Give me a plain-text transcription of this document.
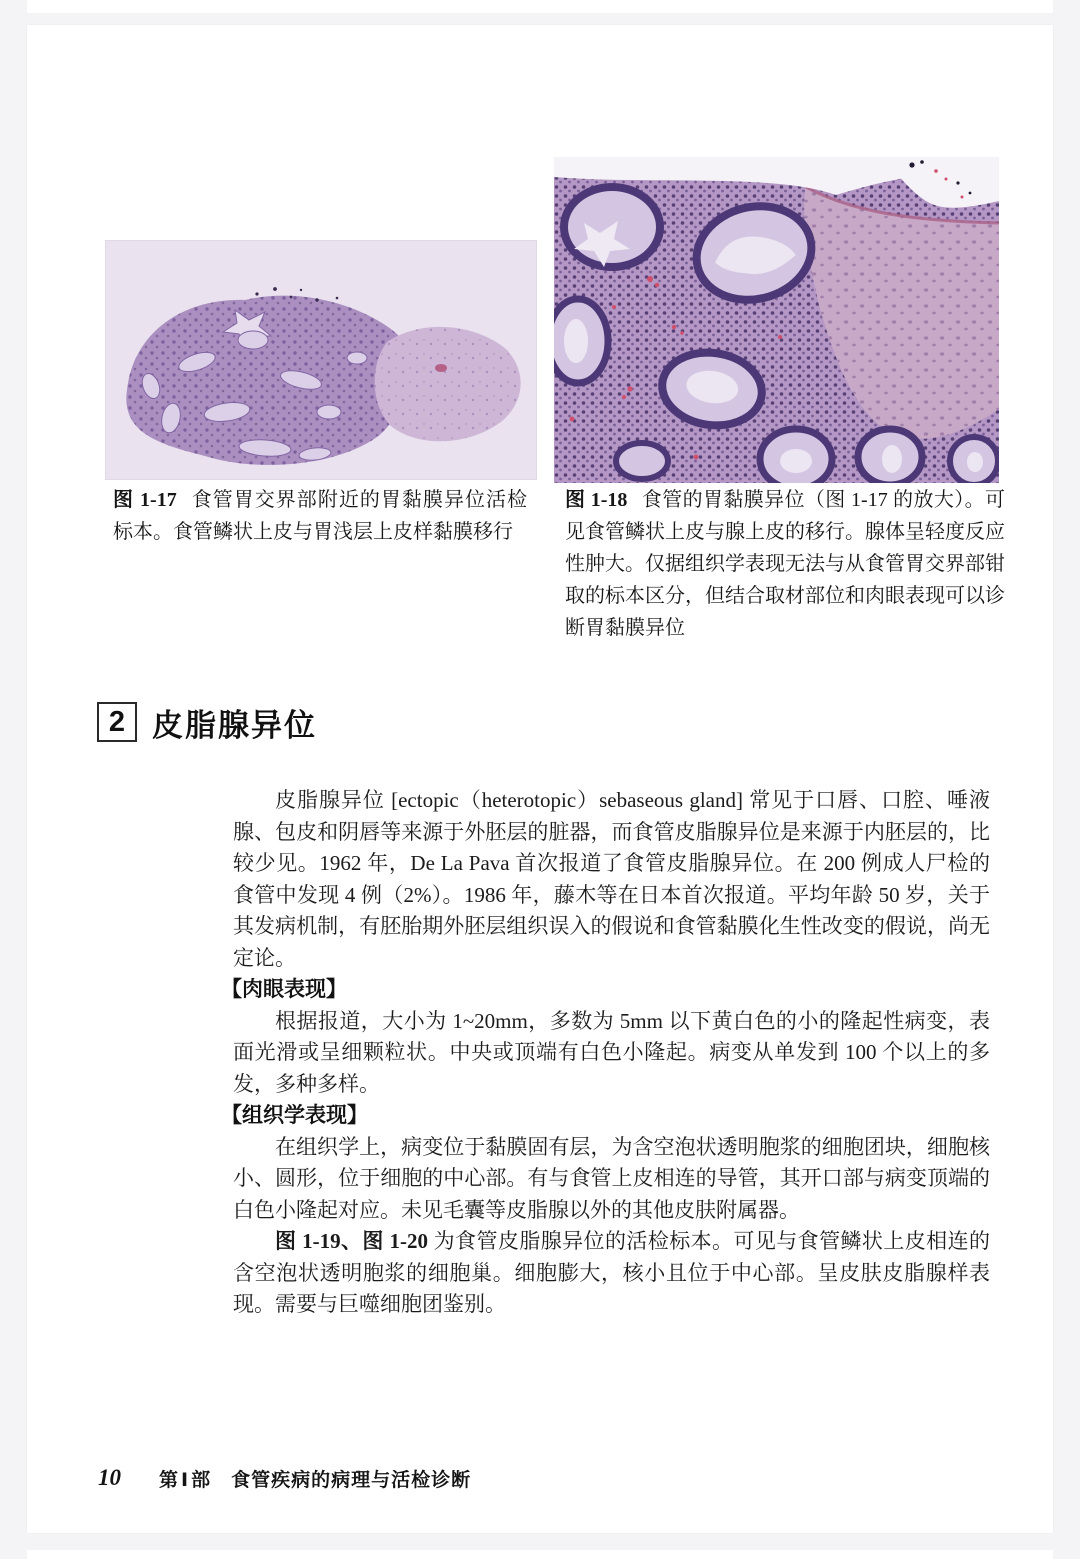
图 1-17 食管胃交界部附近的胃黏膜异位活检标本。食管鳞状上皮与胃浅层上皮样黏膜移行
图 1-18 食管的胃黏膜异位（图 1-17 的放大）。可见食管鳞状上皮与腺上皮的移行。腺体呈轻度反应性肿大。仅据组织学表现无法与从食管胃交界部钳取的标本区分，但结合取材部位和肉眼表现可以诊断胃黏膜异位
2 皮脂腺异位

皮脂腺异位 [ectopic（heterotopic）sebaseous gland] 常见于口唇、口腔、唾液腺、包皮和阴唇等来源于外胚层的脏器，而食管皮脂腺异位是来源于内胚层的，比较少见。1962 年，De La Pava 首次报道了食管皮脂腺异位。在 200 例成人尸检的食管中发现 4 例（2%）。1986 年，藤木等在日本首次报道。平均年龄 50 岁，关于其发病机制，有胚胎期外胚层组织误入的假说和食管黏膜化生性改变的假说，尚无定论。

【肉眼表现】

根据报道，大小为 1~20mm，多数为 5mm 以下黄白色的小的隆起性病变，表面光滑或呈细颗粒状。中央或顶端有白色小隆起。病变从单发到 100 个以上的多发，多种多样。

【组织学表现】

在组织学上，病变位于黏膜固有层，为含空泡状透明胞浆的细胞团块，细胞核小、圆形，位于细胞的中心部。有与食管上皮相连的导管，其开口部与病变顶端的白色小隆起对应。未见毛囊等皮脂腺以外的其他皮肤附属器。

图 1-19、图 1-20 为食管皮脂腺异位的活检标本。可见与食管鳞状上皮相连的含空泡状透明胞浆的细胞巢。细胞膨大，核小且位于中心部。呈皮肤皮脂腺样表现。需要与巨噬细胞团鉴别。

10 第Ⅰ部 食管疾病的病理与活检诊断
